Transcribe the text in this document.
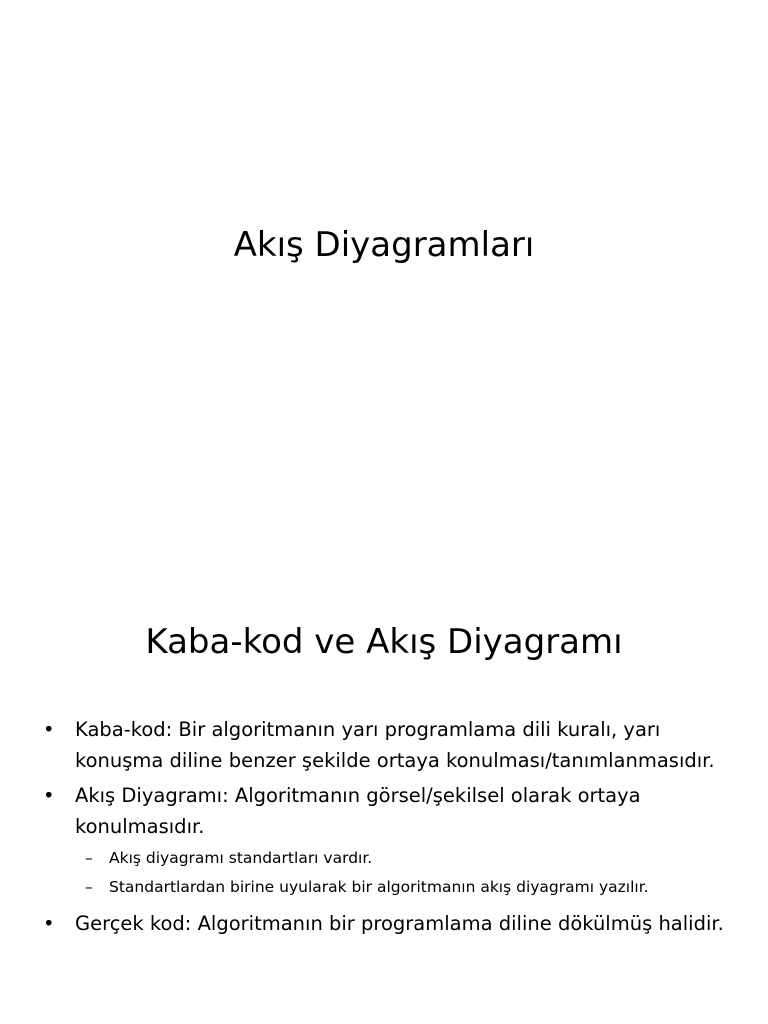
Akış Diyagramları
Kaba-kod ve Akış Diyagramı
• Kaba-kod: Bir algoritmanın yarı programlama dili kuralı, yarı konuşma diline benzer şekilde ortaya konulması/tanımlanmasıdır.
• Akış Diyagramı: Algoritmanın görsel/şekilsel olarak ortaya konulmasıdır.
– Akış diyagramı standartları vardır.
– Standartlardan birine uyularak bir algoritmanın akış diyagramı yazılır.
• Gerçek kod: Algoritmanın bir programlama diline dökülmüş halidir.
